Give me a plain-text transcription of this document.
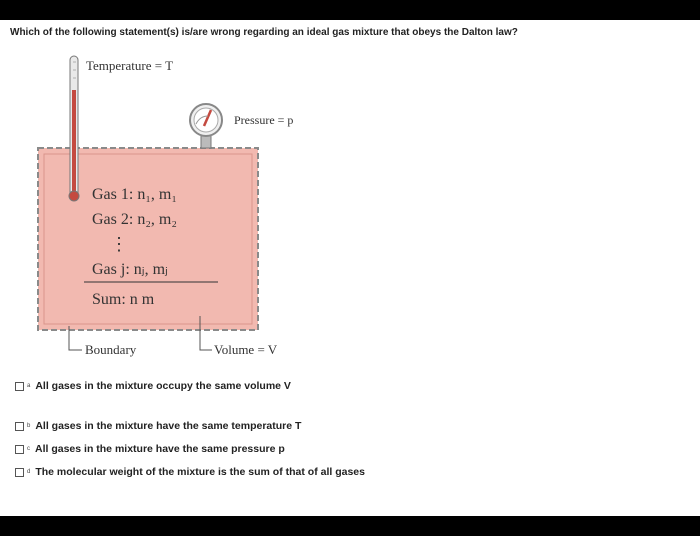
Which of the following statement(s) is/are wrong regarding an ideal gas mixture that obeys the Dalton law?

Temperature = T
Pressure = p
Gas 1: n₁, m₁
Gas 2: n₂, m₂
⋮
Gas j: nⱼ, mⱼ
Sum: n m
Boundary	Volume = V
a All gases in the mixture occupy the same volume V
b All gases in the mixture have the same temperature T
c All gases in the mixture have the same pressure p
d The molecular weight of the mixture is the sum of that of all gases
